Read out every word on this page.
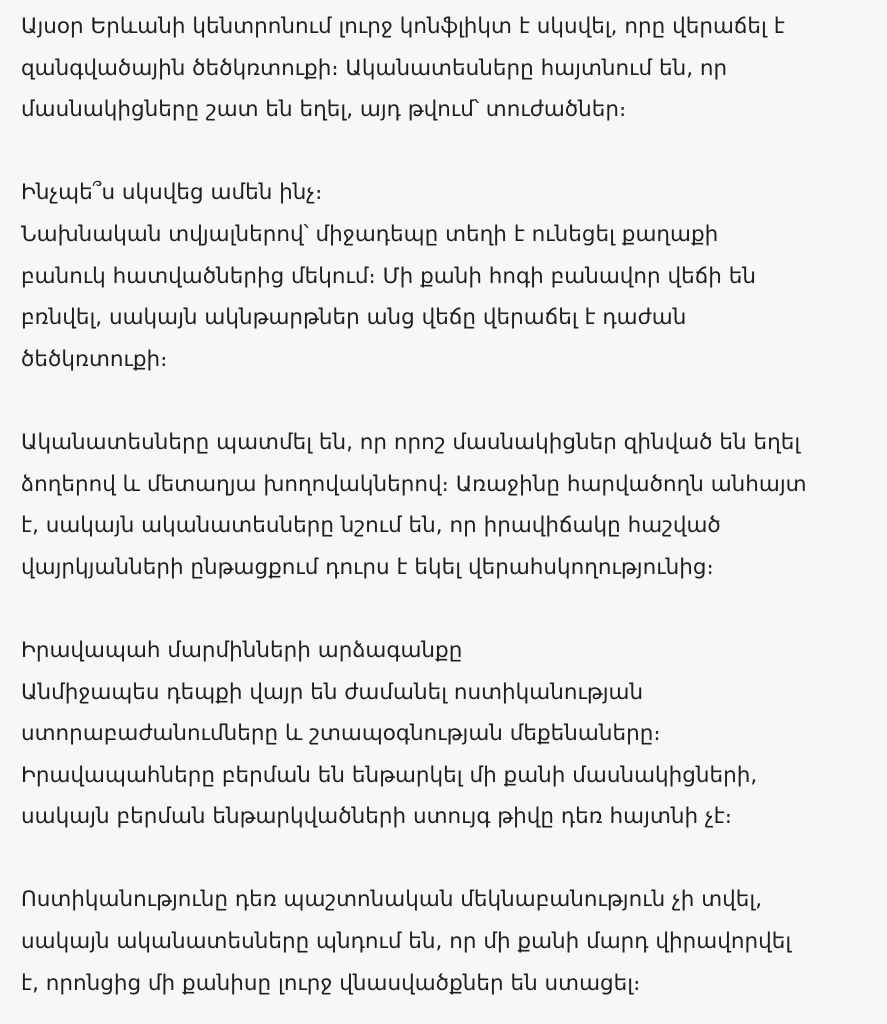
Այսօր Երևանի կենտրոնում լուրջ կոնֆլիկտ է սկսվել, որը վերաճել է
զանգվածային ծեծկռտուքի։ Ականատեսները հայտնում են, որ
մասնակիցները շատ են եղել, այդ թվում՝ տուժածներ։
Ինչպե՞ս սկսվեց ամեն ինչ։
Նախնական տվյալներով՝ միջադեպը տեղի է ունեցել քաղաքի
բանուկ հատվածներից մեկում։ Մի քանի հոգի բանավոր վեճի են
բռնվել, սակայն ակնթարթներ անց վեճը վերաճել է դաժան
ծեծկռտուքի։
Ականատեսները պատմել են, որ որոշ մասնակիցներ զինված են եղել
ձողերով և մետաղյա խողովակներով։ Առաջինը հարվածողն անհայտ
է, սակայն ականատեսները նշում են, որ իրավիճակը հաշված
վայրկյանների ընթացքում դուրս է եկել վերահսկողությունից։
Իրավապահ մարմինների արձագանքը
Անմիջապես դեպքի վայր են ժամանել ոստիկանության
ստորաբաժանումները և շտապօգնության մեքենաները։
Իրավապահները բերման են ենթարկել մի քանի մասնակիցների,
սակայն բերման ենթարկվածների ստույգ թիվը դեռ հայտնի չէ։
Ոստիկանությունը դեռ պաշտոնական մեկնաբանություն չի տվել,
սակայն ականատեսները պնդում են, որ մի քանի մարդ վիրավորվել
է, որոնցից մի քանիսը լուրջ վնասվածքներ են ստացել։
